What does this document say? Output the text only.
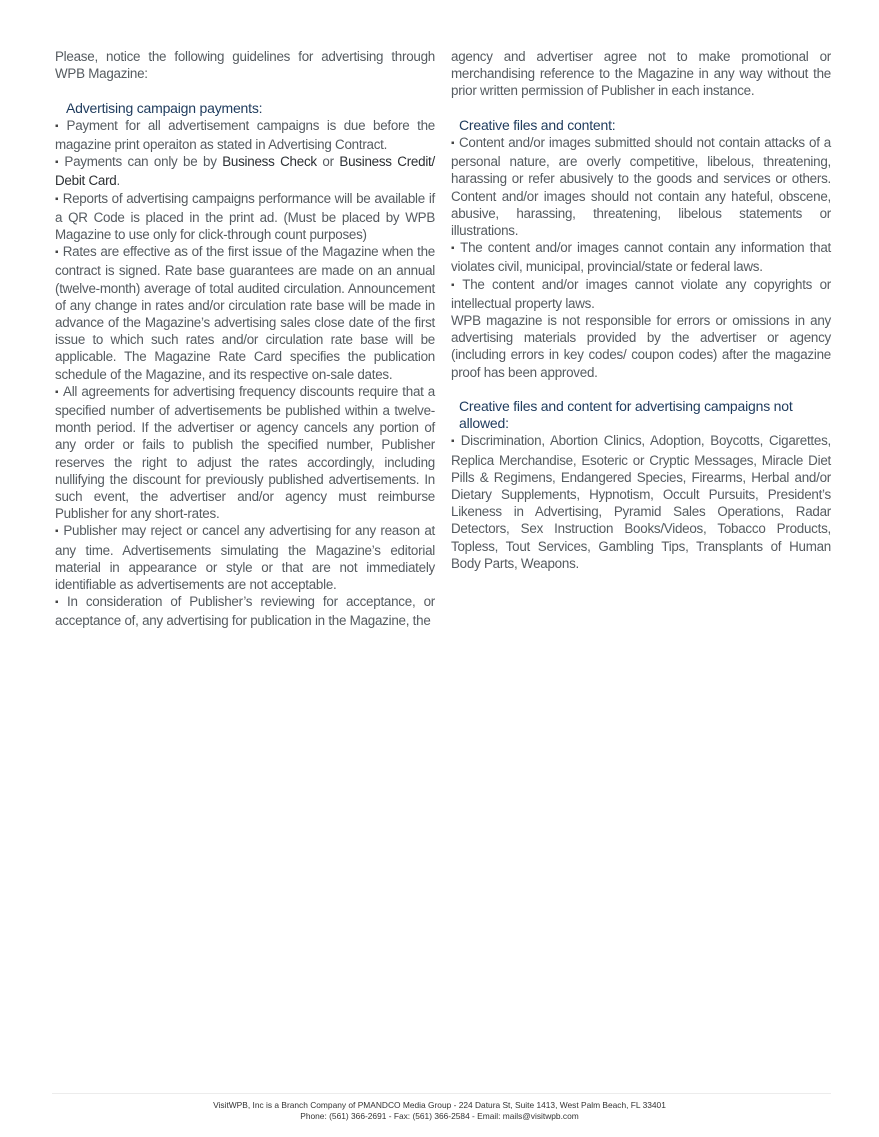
Please, notice the following guidelines for advertising through WPB Magazine:

Advertising campaign payments:

▪ Payment for all advertisement campaigns is due before the magazine print operaiton as stated in Advertising Contract.

▪ Payments can only be by Business Check or Business Credit/ Debit Card.

▪ Reports of advertising campaigns performance will be available if a QR Code is placed in the print ad. (Must be placed by WPB Magazine to use only for click-through count purposes)

▪ Rates are effective as of the first issue of the Magazine when the contract is signed. Rate base guarantees are made on an annual (twelve-month) average of total audited circulation. Announcement of any change in rates and/or circulation rate base will be made in advance of the Magazine’s advertising sales close date of the first issue to which such rates and/or circulation rate base will be applicable. The Magazine Rate Card specifies the publication schedule of the Magazine, and its respective on-sale dates.

▪ All agreements for advertising frequency discounts require that a specified number of advertisements be published within a twelve-month period. If the advertiser or agency cancels any portion of any order or fails to publish the specified number, Publisher reserves the right to adjust the rates accordingly, including nullifying the discount for previously published advertisements. In such event, the advertiser and/or agency must reimburse Publisher for any short-rates.

▪ Publisher may reject or cancel any advertising for any reason at any time. Advertisements simulating the Magazine’s editorial material in appearance or style or that are not immediately identifiable as advertisements are not acceptable.

▪ In consideration of Publisher’s reviewing for acceptance, or acceptance of, any advertising for publication in the Magazine, the

agency and advertiser agree not to make promotional or merchandising reference to the Magazine in any way without the prior written permission of Publisher in each instance.

Creative files and content:

▪ Content and/or images submitted should not contain attacks of a personal nature, are overly competitive, libelous, threatening, harassing or refer abusively to the goods and services or others. Content and/or images should not contain any hateful, obscene, abusive, harassing, threatening, libelous statements or illustrations.

▪ The content and/or images cannot contain any information that violates civil, municipal, provincial/state or federal laws.

▪ The content and/or images cannot violate any copyrights or intellectual property laws.

WPB magazine is not responsible for errors or omissions in any advertising materials provided by the advertiser or agency (including errors in key codes/ coupon codes) after the magazine proof has been approved.

Creative files and content for advertising campaigns not allowed:

▪ Discrimination, Abortion Clinics, Adoption, Boycotts, Cigarettes, Replica Merchandise, Esoteric or Cryptic Messages, Miracle Diet Pills & Regimens, Endangered Species, Firearms, Herbal and/or Dietary Supplements, Hypnotism, Occult Pursuits, President’s Likeness in Advertising, Pyramid Sales Operations, Radar Detectors, Sex Instruction Books/Videos, Tobacco Products, Topless, Tout Services, Gambling Tips, Transplants of Human Body Parts, Weapons.

VisitWPB, Inc is a Branch Company of PMANDCO Media Group - 224 Datura St, Suite 1413, West Palm Beach, FL 33401
Phone: (561) 366-2691 - Fax: (561) 366-2584 - Email: mails@visitwpb.com
